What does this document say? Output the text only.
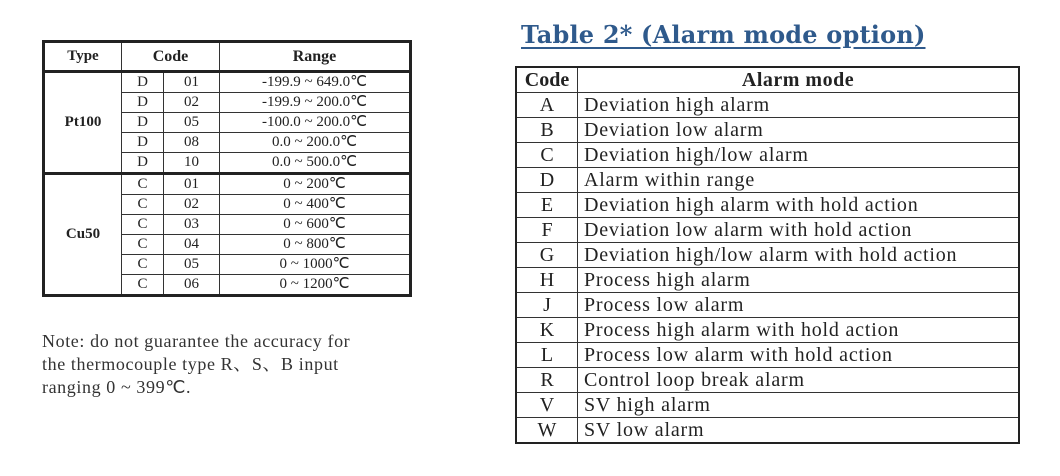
Type	Code		Range
Pt100	D	01	-199.9 ~ 649.0℃
	D	02	-199.9 ~ 200.0℃
	D	05	-100.0 ~ 200.0℃
	D	08	0.0 ~ 200.0℃
	D	10	0.0 ~ 500.0℃
Cu50	C	01	0 ~ 200℃
	C	02	0 ~ 400℃
	C	03	0 ~ 600℃
	C	04	0 ~ 800℃
	C	05	0 ~ 1000℃
	C	06	0 ~ 1200℃
Note: do not guarantee the accuracy for
the thermocouple type R、S、B input
ranging 0 ~ 399℃.
Table 2* (Alarm mode option)
Code	Alarm mode
A	Deviation high alarm
B	Deviation low alarm
C	Deviation high/low alarm
D	Alarm within range
E	Deviation high alarm with hold action
F	Deviation low alarm with hold action
G	Deviation high/low alarm with hold action
H	Process high alarm
J	Process low alarm
K	Process high alarm with hold action
L	Process low alarm with hold action
R	Control loop break alarm
V	SV high alarm
W	SV low alarm
